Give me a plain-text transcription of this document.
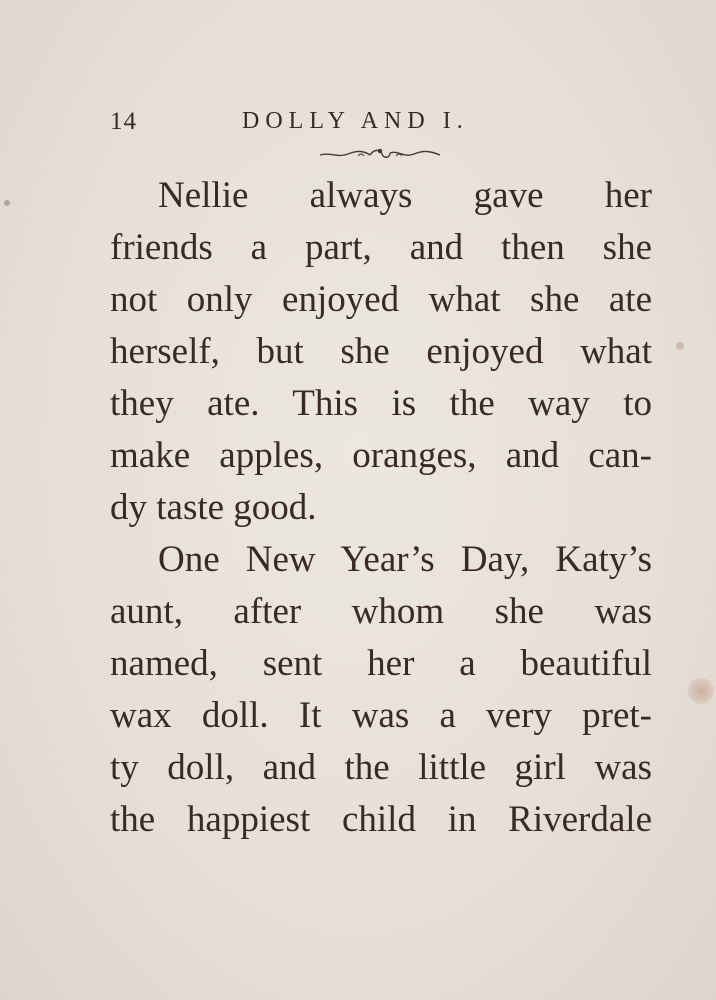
14	DOLLY AND I.
Nellie always gave her
friends a part, and then she
not only enjoyed what she ate
herself, but she enjoyed what
they ate. This is the way to
make apples, oranges, and can-
dy taste good.
One New Year’s Day, Katy’s
aunt, after whom she was
named, sent her a beautiful
wax doll. It was a very pret-
ty doll, and the little girl was
the happiest child in Riverdale
